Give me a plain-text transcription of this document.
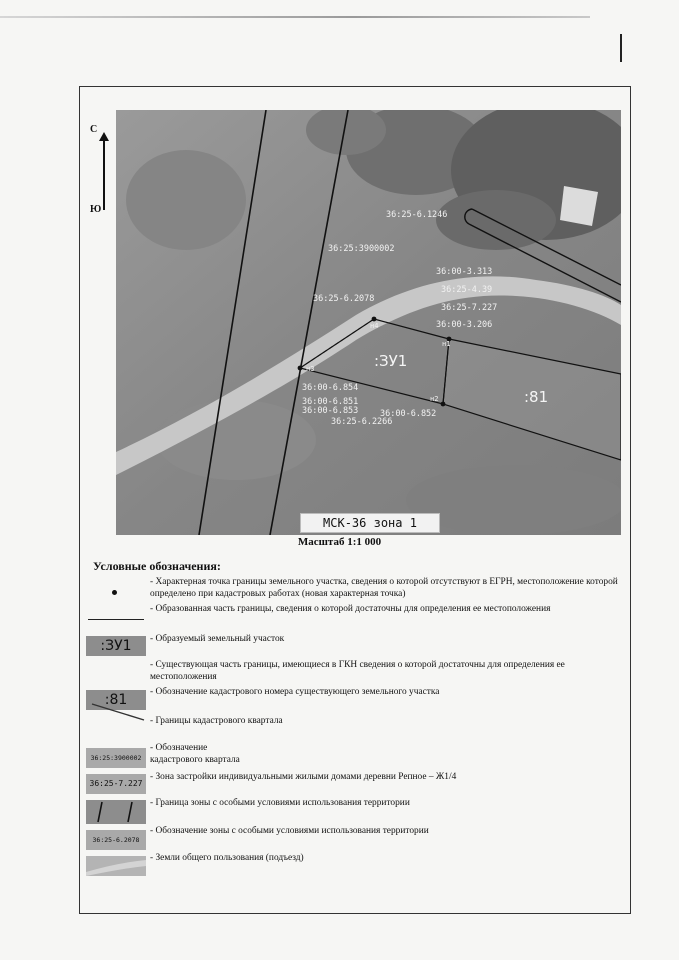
С
Ю
н4
н1
н2
н3
36:25-6.1246
36:25:3900002
36:00-3.313
36:25-4.39
36:25-6.2078
36:25-7.227
36:00-3.206
:ЗУ1
:81
36:00-6.854
36:00-6.851
36:00-6.853	36:00-6.852
36:25-6.2266
МСК-36 зона 1
Масштаб 1:1 000
Условные обозначения:
- Характерная точка границы земельного участка, сведения о которой отсутствуют в ЕГРН, местоположение которой определено при кадастровых работах (новая характерная точка)
- Образованная часть границы, сведения о которой достаточны для определения ее местоположения
:ЗУ1	- Образуемый земельный участок
- Существующая часть границы, имеющиеся в ГКН сведения о которой достаточны для определения ее местоположения
:81	- Обозначение кадастрового номера существующего земельного участка
- Границы кадастрового квартала
36:25:3900002
- Обозначение кадастрового квартала
36:25-7.227
- Зона застройки индивидуальными жилыми домами деревни Репное – Ж1/4
- Граница зоны с особыми условиями использования территории
36:25-6.2078
- Обозначение зоны с особыми условиями использования территории
- Земли общего пользования (подъезд)
